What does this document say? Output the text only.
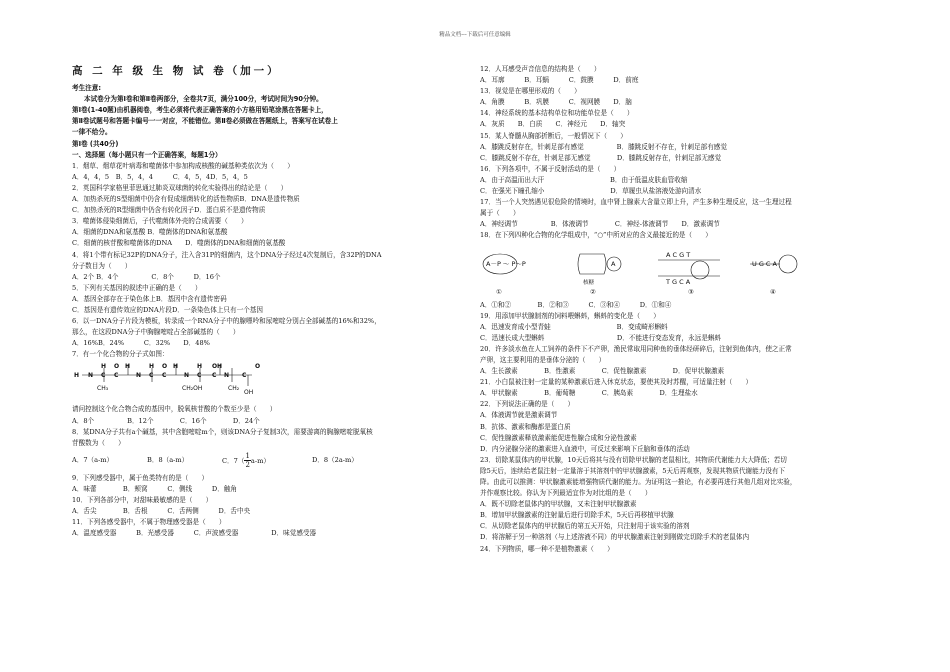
精品文档---下载后可任意编辑
高 二 年 级 生 物 试 卷（加一）
考生注意:
本试卷分为第Ⅰ卷和第Ⅱ卷两部分，全卷共7页，满分100分，考试时间为90分钟。
第Ⅰ卷(1-40题)由机器阅卷，考生必须将代表正确答案的小方格用铅笔涂黑在答题卡上，
第Ⅱ卷试题号和答题卡编号一一对应，不能错位。第Ⅱ卷必须做在答题纸上，答案写在试卷上
一律不给分。
第Ⅰ卷 (共40分)
一、选择题（每小题只有一个正确答案，每题1分）
1．烟草、烟草花叶病毒和噬菌体中参加构成核酸的碱基种类依次为（　　）
A．4，4，5　B．5，4，4　　　C．4，5，4D．5，4，5
2．英国科学家格里菲思通过肺炎双球菌的转化实验得出的结论是（　　）
A．加热杀死的S型细菌中仍含有促成细菌转化的活性物质B．DNA是遗传物质
C．加热杀死的R型细菌中仍含有转化因子D．蛋白质不是遗传物质
3．噬菌体侵染细菌后，子代噬菌体外壳的合成需要（　　）
A．细菌的DNA和氨基酸 B．噬菌体的DNA和氨基酸
C．细菌的核苷酸和噬菌体的DNA　　D．噬菌体的DNA和细菌的氨基酸
4．将1个带有标记32P的DNA分子，注入含31P的细菌内，这个DNA分子经过4次复制后，含32P的DNA
分子数目为（　　）
A．2个 B．4个　　　　　C．8个　　　D．16个
5．下列有关基因的叙述中正确的是（　　）
A．基因全部存在于染色体上B．基因中含有遗传密码
C．基因是有遗传效应的DNA片段D．一条染色体上只有一个基因
6．以一DNA分子片段为模板，转录成一个RNA分子中的腺嘌呤和尿嘧啶分别占全部碱基的16%和32%，
那么，在这段DNA分子中胸腺嘧啶占全部碱基的（　　）
A．16%B．24%　　　C．32%　　D．48%
7．有一个化合物的分子式如图：
H N C C	N C C	N C C N C
H	H	H	O
H	H	H
O	O	O
CH₃	CH₂OH	CH₂
OH
请问控制这个化合物合成的基因中，脱氧核苷酸的个数至少是（　　）
A．8个　　　　　B．12个　　　　C．16个　　　　D．24个
8．某DNA分子共有a个碱基，其中含胞嘧啶m个，则该DNA分子复制3次，需要游离的胸腺嘧啶脱氧核
苷酸数为（　　）
A．7（a-m）	B．8（a-m）	C．$7( \frac{1}{2} a-m)$	D．8（2a-m）
9．下列感受器中，属于鱼类特有的是（　　）
A．味蕾　　　　B．颊窝　　　C．侧线　　　D．触角
10．下列各部分中，对甜味最敏感的是（　　）
A．舌尖　　　　B．舌根　　　C．舌两侧　　　D．舌中央
11．下列各感受器中，不属于物理感受器是（　　）
A．温度感受器　　　B．光感受器　　　C．声波感受器　　　　　D．味觉感受器
12．人耳感受声音信息的结构是（　　）
A．耳廓　　　B．耳蜗　　　C．鼓膜　　　D．前庭
13．视觉是在哪里形成的（　　）
A．角膜　　　B．巩膜　　　C．视网膜　　D．脑
14．神经系统的基本结构单位和功能单位是（　　）
A．灰质　　B．白质　　C．神经元　　D．轴突
15．某人脊髓从胸部折断后，一般情况下（　　）
A．膝跳反射存在，针刺足部有感觉　　　　　B．膝跳反射不存在，针刺足部有感觉
C．膝跳反射不存在，针刺足部无感觉　　　　D．膝跳反射存在，针刺足部无感觉
16．下列各项中，不属于反射活动的是（　　）
A．由于高温而出大汗　　　　　　　　　　B．由于低温皮肤血管收缩
C．在强光下瞳孔缩小　　　　　　　　　　D．草履虫从盐溶液处游向清水
17．当一个人突然遇见很危险的情境时，血中肾上腺素大含量立即上升，产生多种生理反应，这一生理过程
属于（　　）
A．神经调节　　　　　B．体液调节　　　　C．神经-体液调节　　D．激素调节
18．在下列四种化合物的化学组成中，“○”中所对应的含义最接近的是（　　）
A－P ～ P～P	A
核糖
A C G T
T G C A
U G C A
①	②	③	④
A．①和②　　　　B．②和③　　　C．③和④　　　D．①和④
19．用添加甲状腺制剂的饲料喂蝌蚪，蝌蚪的变化是（　　）
A．迅速发育成小型青蛙　　　　　　　　　　B．变成畸形蝌蚪
C．迅速长成大型蝌蚪　　　　　　　　　　　D．不能进行变态发育，永远是蝌蚪
20．许多淡水鱼在人工饲养的条件下不产卵，渔民常取用同种鱼的垂体经研碎后，注射到鱼体内，使之正常
产卵，这主要利用的是垂体分泌的（　　）
A．生长激素　　　　B．性激素　　　　C．促性腺激素　　　　D．促甲状腺激素
21．小白鼠被注射一定量的某种激素后进入休克状态，要使其及时苏醒，可适量注射（　　）
A．甲状腺素　　　　B．葡萄糖　　　　C．胰岛素　　　　D．生理盐水
22．下列说法正确的是（　　）
A．体液调节就是激素调节
B．抗体、激素和酶都是蛋白质
C．促性腺激素释放激素能促进性腺合成和分泌性激素
D．内分泌腺分泌的激素进入血液中，可反过来影响下丘脑和垂体的活动
23．切除某鼠体内的甲状腺，10天后将其与没有切除甲状腺的老鼠相比，其物质代谢能力大大降低；若切
除5天后，连续给老鼠注射一定量溶于其溶剂中的甲状腺激素，5天后再观察，发现其物质代谢能力没有下
降。由此可以推测：甲状腺激素能增强物质代谢的能力。为证明这一推论，有必要再进行其他几组对比实验，
并作观察比较。你认为下列最适宜作为对比组的是（　　）
A．既不切除老鼠体内的甲状腺，又未注射甲状腺激素
B．增加甲状腺激素的注射量后进行切除手术，5天后再移植甲状腺
C．从切除老鼠体内的甲状腺后的第五天开始，只注射用于该实验的溶剂
D．将溶解于另一种溶剂（与上述溶液不同）的甲状腺激素注射到刚做完切除手术的老鼠体内
24．下列物质，哪一种不是植物激素（　　）
